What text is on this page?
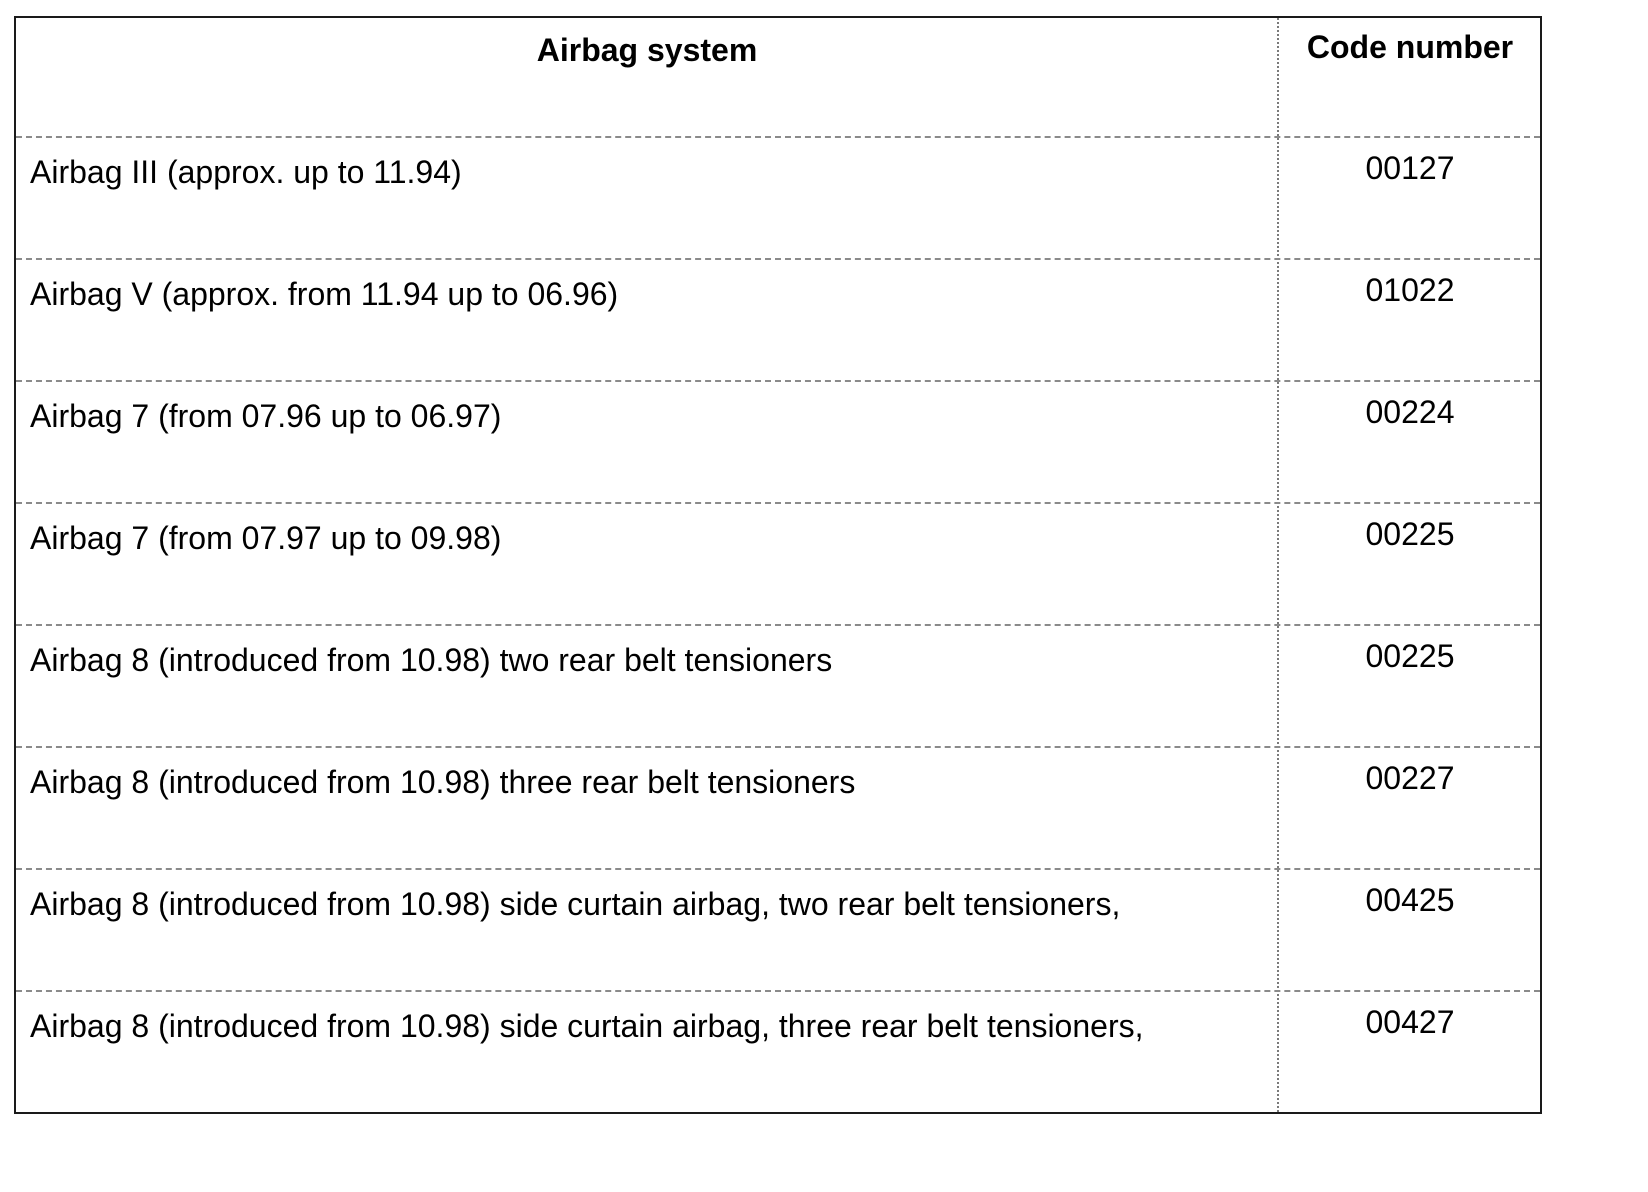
Airbag system	Code number
Airbag III (approx. up to 11.94)	00127
Airbag V (approx. from 11.94 up to 06.96)	01022
Airbag 7 (from 07.96 up to 06.97)	00224
Airbag 7 (from 07.97 up to 09.98)	00225
Airbag 8 (introduced from 10.98) two rear belt tensioners	00225
Airbag 8 (introduced from 10.98) three rear belt tensioners	00227
Airbag 8 (introduced from 10.98) side curtain airbag, two rear belt tensioners,	00425
Airbag 8 (introduced from 10.98) side curtain airbag, three rear belt tensioners,	00427
